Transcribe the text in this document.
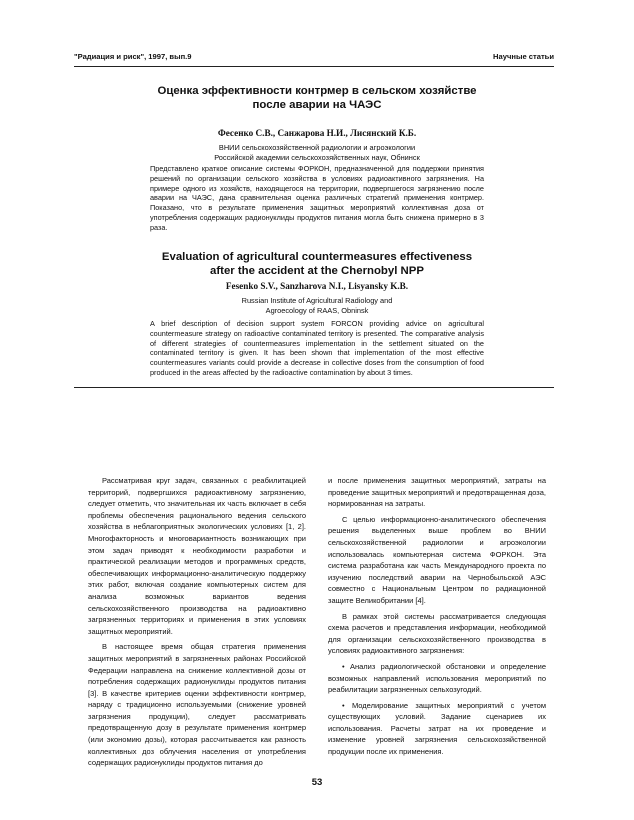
"Радиация и риск", 1997, вып.9	Научные статьи
Оценка эффективности контрмер в сельском хозяйстве
после аварии на ЧАЭС
Фесенко С.В., Санжарова Н.И., Лисянский К.Б.
ВНИИ сельскохозяйственной радиологии и агроэкологии
Российской академии сельскохозяйственных наук, Обнинск
Представлено краткое описание системы ФОРКОН, предназначенной для поддержки принятия решений по организации сельского хозяйства в условиях радиоактивного загрязнения. На примере одного из хозяйств, находящегося на территории, подвергшегося загрязнению после аварии на ЧАЭС, дана сравнительная оценка различных стратегий применения контрмер. Показано, что в результате применения защитных мероприятий коллективная доза от употребления содержащих радионуклиды продуктов питания могла быть снижена примерно в 3 раза.
Evaluation of agricultural countermeasures effectiveness
after the accident at the Chernobyl NPP
Fesenko S.V., Sanzharova N.I., Lisyansky K.B.
Russian Institute of Agricultural Radiology and
Agroecology of RAAS, Obninsk
A brief description of decision support system FORCON providing advice on agricultural countermeasure strategy on radioactive contaminated territory is presented. The comparative analysis of different strategies of countermeasures implementation in the settlement situated on the contaminated territory is given. It has been shown that implementation of the most effective countermeasures variants could provide a decrease in collective doses from the consumption of food produced in the areas affected by the radioactive contamination by about 3 times.

Рассматривая круг задач, связанных с реабилитацией территорий, подвергшихся радиоактивному загрязнению, следует отметить, что значительная их часть включает в себя проблемы обеспечения рационального ведения сельского хозяйства в неблагоприятных экологических условиях [1, 2]. Многофакторность и многовариантность возникающих при этом задач приводят к необходимости разработки и практической реализации методов и программных средств, обеспечивающих информационно-аналитическую поддержку этих работ, включая создание компьютерных систем для анализа возможных вариантов ведения сельскохозяйственного производства на радиоактивно загрязненных территориях и применения в этих условиях защитных мероприятий.

В настоящее время общая стратегия применения защитных мероприятий в загрязненных районах Российской Федерации направлена на снижение коллективной дозы от потребления содержащих радионуклиды продуктов питания [3]. В качестве критериев оценки эффективности контрмер, наряду с традиционно используемыми (снижение уровней загрязнения продукции), следует рассматривать предотвращенную дозу в результате применения контрмер (или экономию дозы), которая рассчитывается как разность коллективных доз облучения населения от употребления содержащих радионуклиды продуктов питания до

и после применения защитных мероприятий, затраты на проведение защитных мероприятий и предотвращенная доза, нормированная на затраты.

С целью информационно-аналитического обеспечения решения выделенных выше проблем во ВНИИ сельскохозяйственной радиологии и агроэкологии использовалась компьютерная система ФОРКОН. Эта система разработана как часть Международного проекта по изучению последствий аварии на Чернобыльской АЭС совместно с Национальным Центром по радиационной защите Великобритании [4].

В рамках этой системы рассматривается следующая схема расчетов и представления информации, необходимой для организации сельскохозяйственного производства в условиях радиоактивного загрязнения:

• Анализ радиологической обстановки и определение возможных направлений использования мероприятий по реабилитации загрязненных сельхозугодий.

• Моделирование защитных мероприятий с учетом существующих условий. Задание сценариев их использования. Расчеты затрат на их проведение и изменение уровней загрязнения сельскохозяйственной продукции после их применения.

53
